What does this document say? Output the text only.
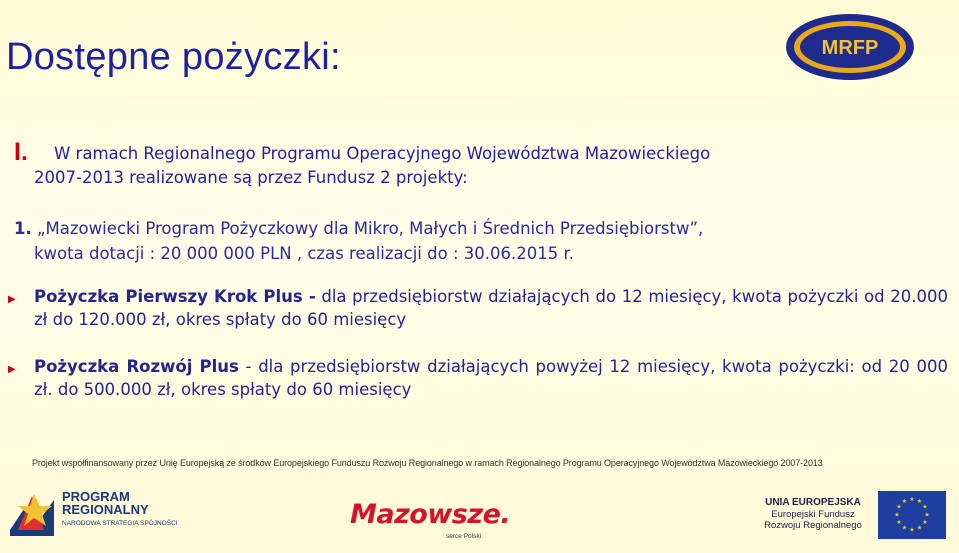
Dostępne pożyczki:	MRFP
I. W ramach Regionalnego Programu Operacyjnego Województwa Mazowieckiego
2007-2013 realizowane są przez Fundusz 2 projekty:
1. „Mazowiecki Program Pożyczkowy dla Mikro, Małych i Średnich Przedsiębiorstw”,
kwota dotacji : 20 000 000 PLN , czas realizacji do : 30.06.2015 r.
▶ Pożyczka Pierwszy Krok Plus - dla przedsiębiorstw działających do 12 miesięcy, kwota pożyczki od 20.000 zł do 120.000 zł, okres spłaty do 60 miesięcy
▶ Pożyczka Rozwój Plus - dla przedsiębiorstw działających powyżej 12 miesięcy, kwota pożyczki: od 20 000 zł. do 500.000 zł, okres spłaty do 60 miesięcy
Projekt współfinansowany przez Unię Europejską ze środków Europejskiego Funduszu Rozwoju Regionalnego w ramach Regionalnego Programu Operacyjnego Województwa Mazowieckiego 2007-2013
PROGRAM
REGIONALNY
NARODOWA STRATEGIA SPÓJNOŚCI	Mazowsze.
serce Polski
UNIA EUROPEJSKA
Europejski Fundusz
Rozwoju Regionalnego
★ ★
★
★
★
★
★
★
★
★
★
★
